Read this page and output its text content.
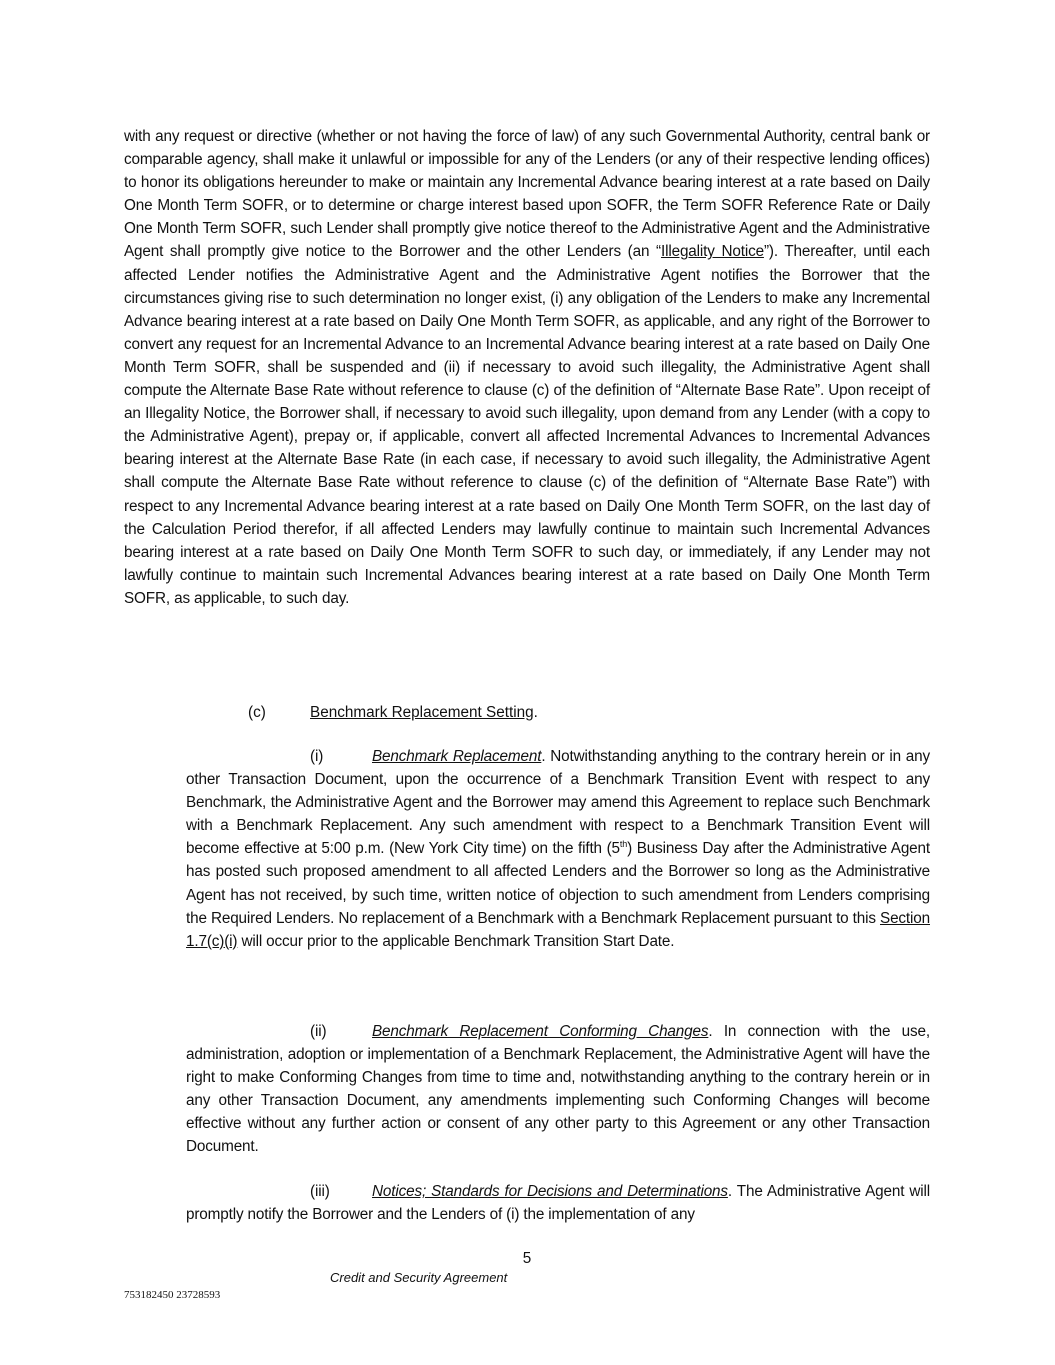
with any request or directive (whether or not having the force of law) of any such Governmental Authority, central bank or comparable agency, shall make it unlawful or impossible for any of the Lenders (or any of their respective lending offices) to honor its obligations hereunder to make or maintain any Incremental Advance bearing interest at a rate based on Daily One Month Term SOFR, or to determine or charge interest based upon SOFR, the Term SOFR Reference Rate or Daily One Month Term SOFR, such Lender shall promptly give notice thereof to the Administrative Agent and the Administrative Agent shall promptly give notice to the Borrower and the other Lenders (an “Illegality Notice”). Thereafter, until each affected Lender notifies the Administrative Agent and the Administrative Agent notifies the Borrower that the circumstances giving rise to such determination no longer exist, (i) any obligation of the Lenders to make any Incremental Advance bearing interest at a rate based on Daily One Month Term SOFR, as applicable, and any right of the Borrower to convert any request for an Incremental Advance to an Incremental Advance bearing interest at a rate based on Daily One Month Term SOFR, shall be suspended and (ii) if necessary to avoid such illegality, the Administrative Agent shall compute the Alternate Base Rate without reference to clause (c) of the definition of “Alternate Base Rate”. Upon receipt of an Illegality Notice, the Borrower shall, if necessary to avoid such illegality, upon demand from any Lender (with a copy to the Administrative Agent), prepay or, if applicable, convert all affected Incremental Advances to Incremental Advances bearing interest at the Alternate Base Rate (in each case, if necessary to avoid such illegality, the Administrative Agent shall compute the Alternate Base Rate without reference to clause (c) of the definition of “Alternate Base Rate”) with respect to any Incremental Advance bearing interest at a rate based on Daily One Month Term SOFR, on the last day of the Calculation Period therefor, if all affected Lenders may lawfully continue to maintain such Incremental Advances bearing interest at a rate based on Daily One Month Term SOFR to such day, or immediately, if any Lender may not lawfully continue to maintain such Incremental Advances bearing interest at a rate based on Daily One Month Term SOFR, as applicable, to such day.

(c)	Benchmark Replacement Setting.

(i)	Benchmark Replacement. Notwithstanding anything to the contrary herein or in any other Transaction Document, upon the occurrence of a Benchmark Transition Event with respect to any Benchmark, the Administrative Agent and the Borrower may amend this Agreement to replace such Benchmark with a Benchmark Replacement. Any such amendment with respect to a Benchmark Transition Event will become effective at 5:00 p.m. (New York City time) on the fifth (5th) Business Day after the Administrative Agent has posted such proposed amendment to all affected Lenders and the Borrower so long as the Administrative Agent has not received, by such time, written notice of objection to such amendment from Lenders comprising the Required Lenders. No replacement of a Benchmark with a Benchmark Replacement pursuant to this Section 1.7(c)(i) will occur prior to the applicable Benchmark Transition Start Date.

(ii)	Benchmark Replacement Conforming Changes. In connection with the use, administration, adoption or implementation of a Benchmark Replacement, the Administrative Agent will have the right to make Conforming Changes from time to time and, notwithstanding anything to the contrary herein or in any other Transaction Document, any amendments implementing such Conforming Changes will become effective without any further action or consent of any other party to this Agreement or any other Transaction Document.

(iii)	Notices; Standards for Decisions and Determinations. The Administrative Agent will promptly notify the Borrower and the Lenders of (i) the implementation of any

5
Credit and Security Agreement
753182450 23728593
